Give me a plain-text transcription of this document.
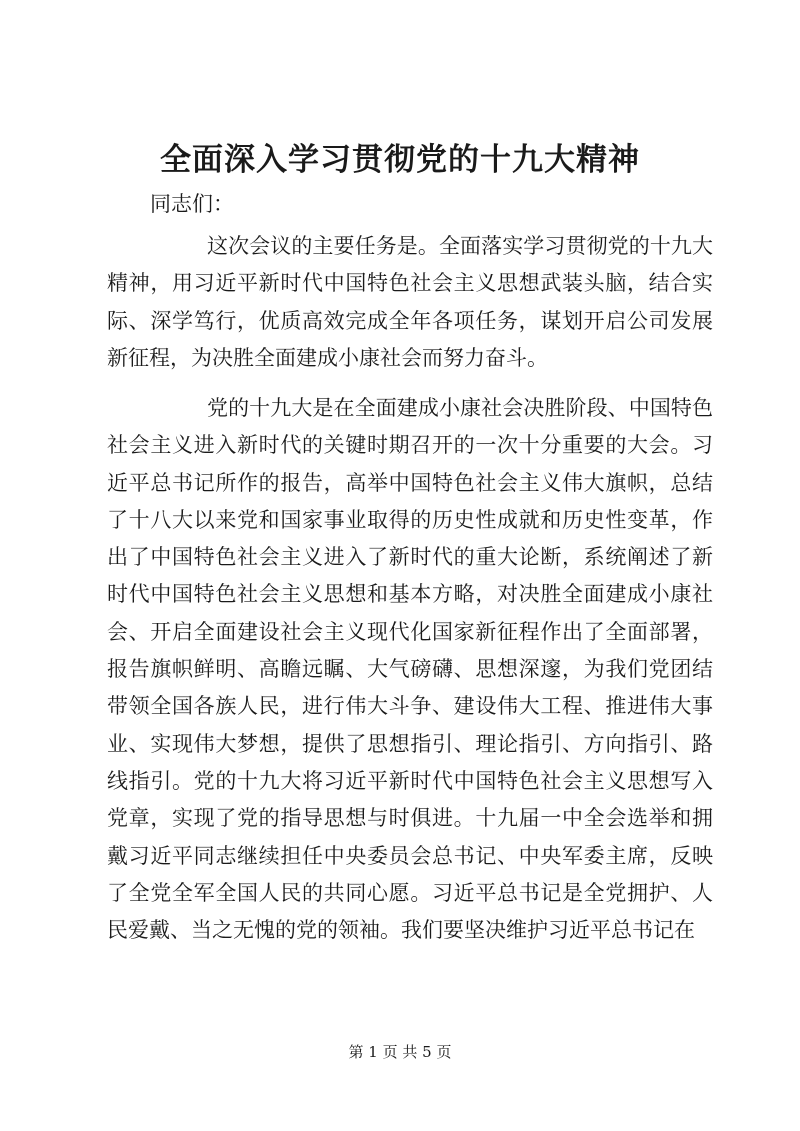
全面深入学习贯彻党的十九大精神

同志们：

这次会议的主要任务是。全面落实学习贯彻党的十九大精神，用习近平新时代中国特色社会主义思想武装头脑，结合实际、深学笃行，优质高效完成全年各项任务，谋划开启公司发展新征程，为决胜全面建成小康社会而努力奋斗。

党的十九大是在全面建成小康社会决胜阶段、中国特色社会主义进入新时代的关键时期召开的一次十分重要的大会。习近平总书记所作的报告，高举中国特色社会主义伟大旗帜，总结了十八大以来党和国家事业取得的历史性成就和历史性变革，作出了中国特色社会主义进入了新时代的重大论断，系统阐述了新时代中国特色社会主义思想和基本方略，对决胜全面建成小康社会、开启全面建设社会主义现代化国家新征程作出了全面部署，报告旗帜鲜明、高瞻远瞩、大气磅礴、思想深邃，为我们党团结带领全国各族人民，进行伟大斗争、建设伟大工程、推进伟大事业、实现伟大梦想，提供了思想指引、理论指引、方向指引、路线指引。党的十九大将习近平新时代中国特色社会主义思想写入党章，实现了党的指导思想与时俱进。十九届一中全会选举和拥戴习近平同志继续担任中央委员会总书记、中央军委主席，反映了全党全军全国人民的共同心愿。习近平总书记是全党拥护、人民爱戴、当之无愧的党的领袖。我们要坚决维护习近平总书记在

第 1 页 共 5 页
